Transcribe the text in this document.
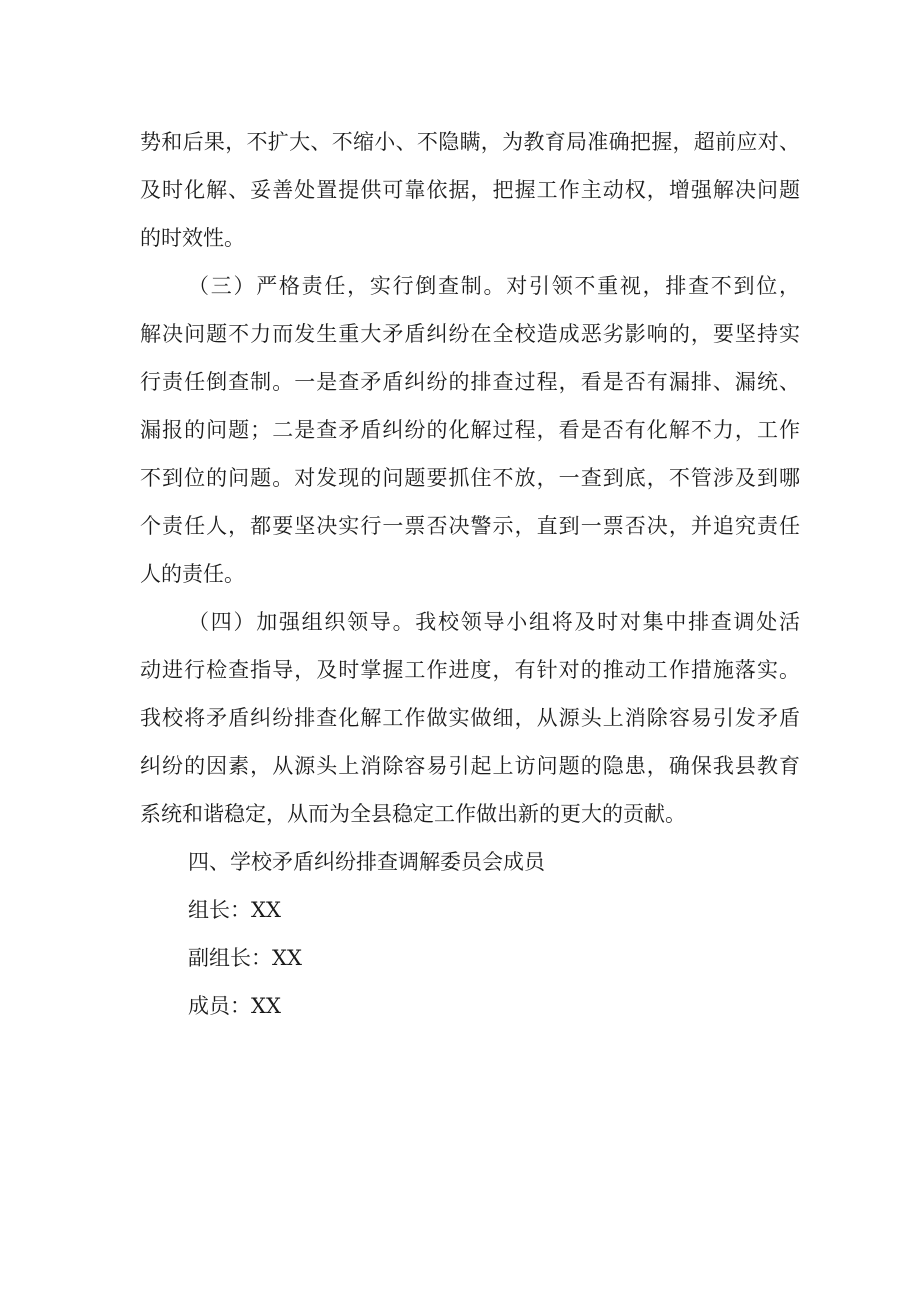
势和后果，不扩大、不缩小、不隐瞒，为教育局准确把握，超前应对、
及时化解、妥善处置提供可靠依据，把握工作主动权，增强解决问题
的时效性。
（三）严格责任，实行倒查制。对引领不重视，排查不到位，
解决问题不力而发生重大矛盾纠纷在全校造成恶劣影响的，要坚持实
行责任倒查制。一是查矛盾纠纷的排查过程，看是否有漏排、漏统、
漏报的问题；二是查矛盾纠纷的化解过程，看是否有化解不力，工作
不到位的问题。对发现的问题要抓住不放，一查到底，不管涉及到哪
个责任人，都要坚决实行一票否决警示，直到一票否决，并追究责任
人的责任。
（四）加强组织领导。我校领导小组将及时对集中排查调处活
动进行检查指导，及时掌握工作进度，有针对的推动工作措施落实。
我校将矛盾纠纷排查化解工作做实做细，从源头上消除容易引发矛盾
纠纷的因素，从源头上消除容易引起上访问题的隐患，确保我县教育
系统和谐稳定，从而为全县稳定工作做出新的更大的贡献。
四、学校矛盾纠纷排查调解委员会成员
组长：XX
副组长：XX
成员：XX
